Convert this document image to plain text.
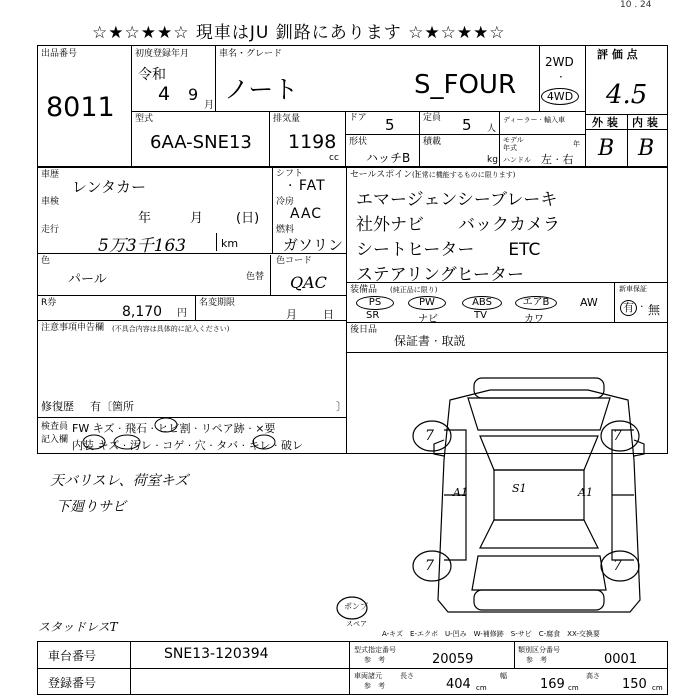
☆★☆★★☆ 現車はJU 釧路にあります ☆★☆★★☆
10 . 24
出品番号
8011
初度登録年月
令和
4 9
月
車名・グレード
ノート	S_FOUR
2WD
·
4WD
評 価 点
4.5
外 装 内 装
B B
型式
6AA-SNE13
排気量
1198
cc
ドア 5	定員 5 人
ディーラー · 輸入車
モデル 年式	年
形状
ハッチB
積載
kg ハンドル 左 · 右
車歴
レンタカー
シフト
· FAT
車検
年	月	(日)
冷房
AAC
走行
5万3千163	km
燃料
ガソリン
色
パール	色替
色コード
QAC
R券
8,170 円
名変期限
月 日
セールスポイント
(正常に機能するものに限ります)
エマージェンシーブレーキ
社外ナビ　　バックカメラ
シートヒーター　　ETC
ステアリングヒーター
装備品 (純正品に限り)
PS
SR
PW
ナビ
ABS
TV
エアB
カワ
AW
新車保証
有 · 無
注意事項申告欄 (不具合内容は具体的に記入ください)
修復歴 有〔箇所	〕
検査員
記入欄
FW キズ · 飛石 · ヒビ割 · リペア跡 · ×要
内装 キズ · 汚レ · コゲ · 穴 · タバ · キレ · 破レ
後日品
保証書 · 取説
天バリスレ、荷室キズ
下廻りサビ
スタッドレスT
7	7
7	7
A1	A1
S1
ポンプ
スペア
A-キズ　E-エクボ　U-凹み　W-補修跡　S-サビ　C-腐食　XX-交換要
車台番号	SNE13-120394
登録番号
型式指定番号
参　考	20059
類別区分番号
参　考	0001
車両諸元
参　考
長さ
404 cm
幅
169 cm
高さ
150 cm
